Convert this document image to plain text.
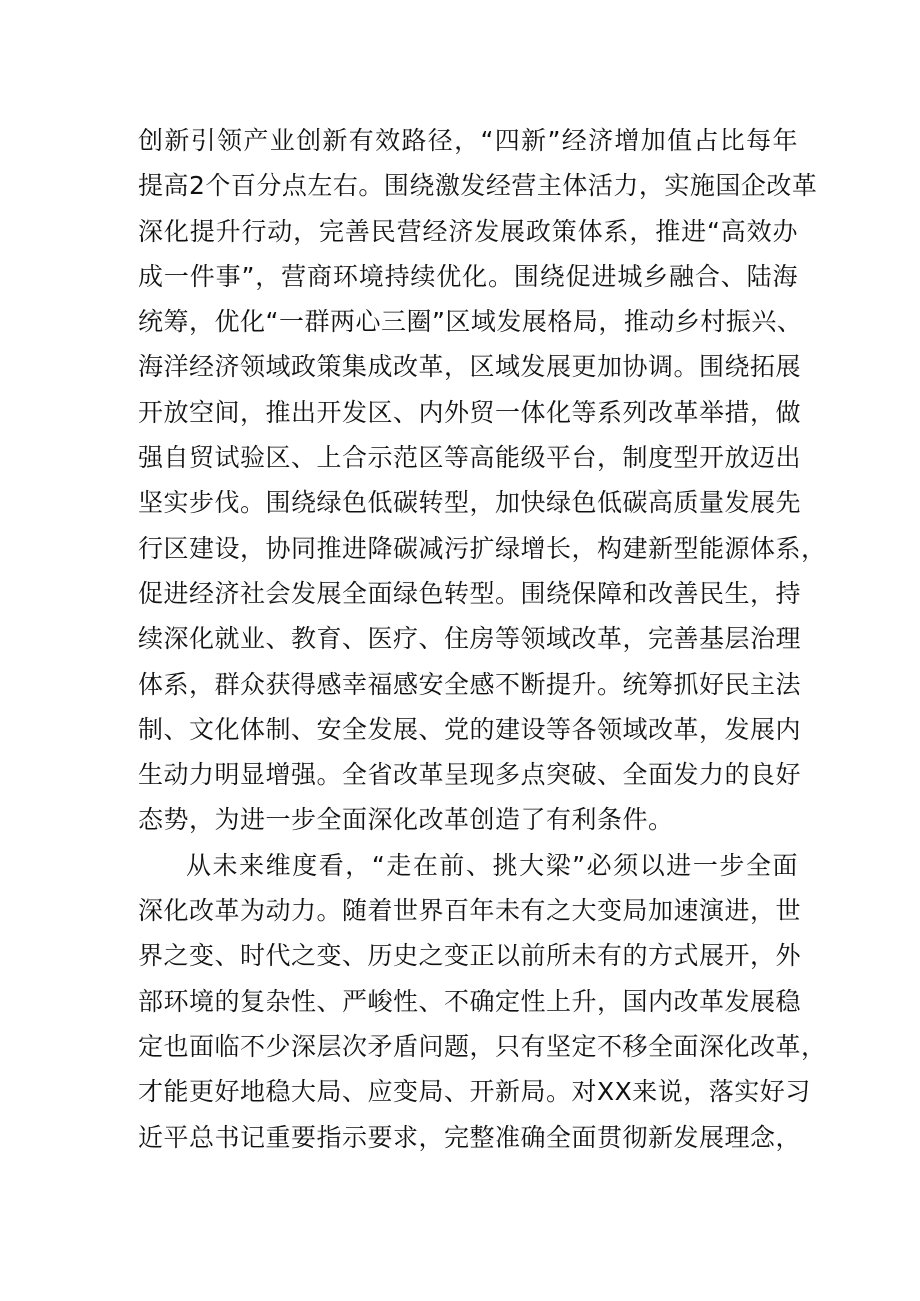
创新引领产业创新有效路径，“四新”经济增加值占比每年
提高2个百分点左右。围绕激发经营主体活力，实施国企改革
深化提升行动，完善民营经济发展政策体系，推进“高效办
成一件事”，营商环境持续优化。围绕促进城乡融合、陆海
统筹，优化“一群两心三圈”区域发展格局，推动乡村振兴、
海洋经济领域政策集成改革，区域发展更加协调。围绕拓展
开放空间，推出开发区、内外贸一体化等系列改革举措，做
强自贸试验区、上合示范区等高能级平台，制度型开放迈出
坚实步伐。围绕绿色低碳转型，加快绿色低碳高质量发展先
行区建设，协同推进降碳减污扩绿增长，构建新型能源体系，
促进经济社会发展全面绿色转型。围绕保障和改善民生，持
续深化就业、教育、医疗、住房等领域改革，完善基层治理
体系，群众获得感幸福感安全感不断提升。统筹抓好民主法
制、文化体制、安全发展、党的建设等各领域改革，发展内
生动力明显增强。全省改革呈现多点突破、全面发力的良好
态势，为进一步全面深化改革创造了有利条件。
从未来维度看，“走在前、挑大梁”必须以进一步全面
深化改革为动力。随着世界百年未有之大变局加速演进，世
界之变、时代之变、历史之变正以前所未有的方式展开，外
部环境的复杂性、严峻性、不确定性上升，国内改革发展稳
定也面临不少深层次矛盾问题，只有坚定不移全面深化改革，
才能更好地稳大局、应变局、开新局。对XX来说，落实好习
近平总书记重要指示要求，完整准确全面贯彻新发展理念，
